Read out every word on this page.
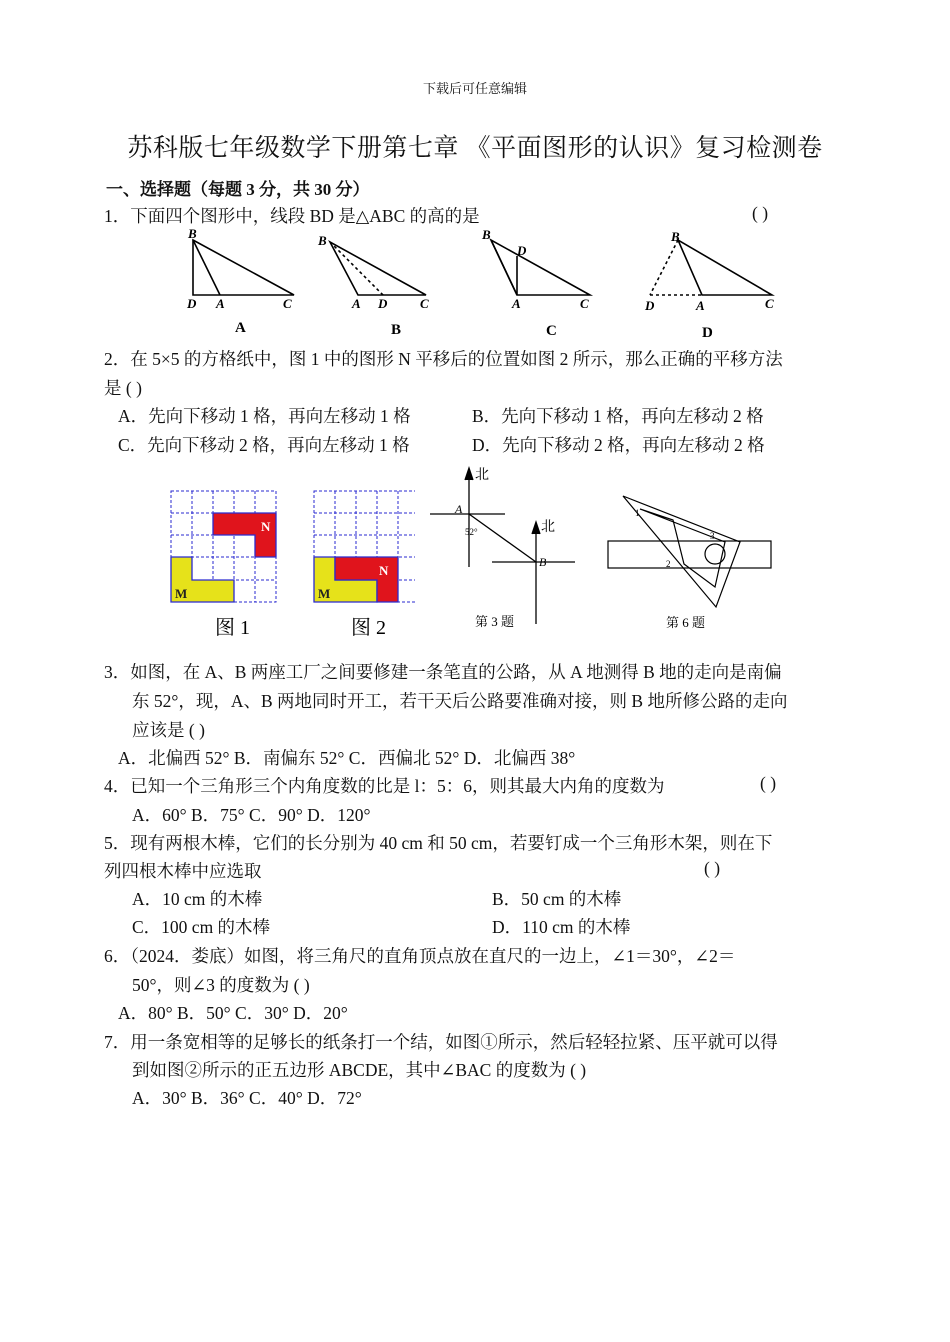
下载后可任意编辑
苏科版七年级数学下册第七章 《平面图形的认识》复习检测卷
一、选择题（每题 3 分，共 30 分）
1．下面四个图形中，线段 BD 是△ABC 的高的是	( )
B
D A	C
B
A D	C
B
D
A	C
B
D	A	C
A	B	C	D
2．在 5×5 的方格纸中，图 1 中的图形 N 平移后的位置如图 2 所示，那么正确的平移方法
是 ( )
A．先向下移动 1 格，再向左移动 1 格	B．先向下移动 1 格，再向左移动 2 格
C．先向下移动 2 格，再向左移动 1 格	D．先向下移动 2 格，再向左移动 2 格
N
M
图 1
N
M
图 2
北
北
A
B
52°
第 3 题
1
2
3
第 6 题
3．如图，在 A、B 两座工厂之间要修建一条笔直的公路，从 A 地测得 B 地的走向是南偏
东 52°，现，A、B 两地同时开工，若干天后公路要准确对接，则 B 地所修公路的走向
应该是 ( )
A．北偏西 52° B．南偏东 52° C．西偏北 52° D．北偏西 38°
4．已知一个三角形三个内角度数的比是 l：5：6，则其最大内角的度数为	( )
A．60° B．75° C．90° D．120°
5．现有两根木棒，它们的长分别为 40 cm 和 50 cm，若要钉成一个三角形木架，则在下
列四根木棒中应选取	( )
A．10 cm 的木棒	B．50 cm 的木棒
C．100 cm 的木棒	D．110 cm 的木棒
6．（2024．娄底）如图，将三角尺的直角顶点放在直尺的一边上，∠1＝30°，∠2＝
50°，则∠3 的度数为 ( )
A．80° B．50° C．30° D．20°
7．用一条宽相等的足够长的纸条打一个结，如图①所示，然后轻轻拉紧、压平就可以得
到如图②所示的正五边形 ABCDE，其中∠BAC 的度数为 ( )
A．30° B．36° C．40° D．72°
